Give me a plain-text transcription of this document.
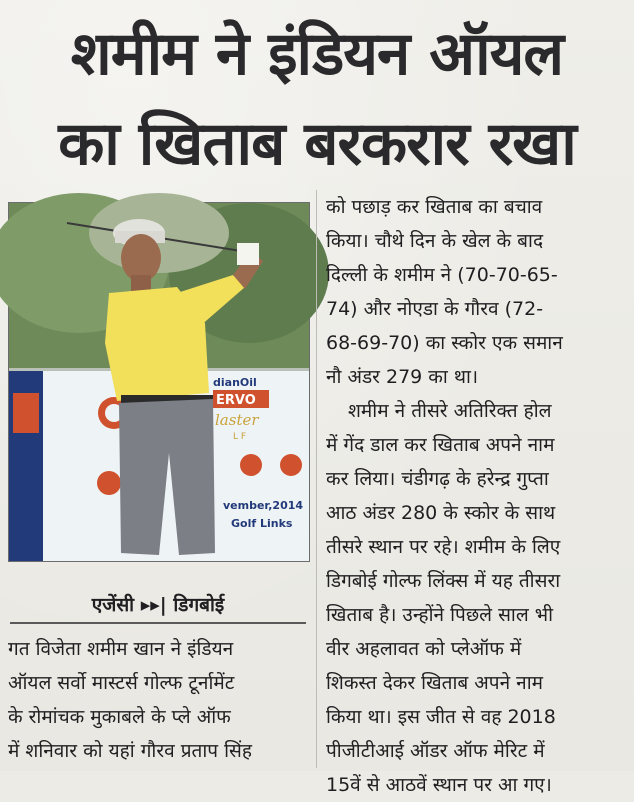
शमीम ने इंडियन ऑयल
का खिताब बरकरार रखा
dianOil
ERVO
laster
L F
vember,2014
Golf Links
एजेंसी ▸▸| डिगबोई
गत विजेता शमीम खान ने इंडियन
ऑयल सर्वो मास्टर्स गोल्फ टूर्नामेंट
के रोमांचक मुकाबले के प्ले ऑफ
में शनिवार को यहां गौरव प्रताप सिंह
को पछाड़ कर खिताब का बचाव
किया। चौथे दिन के खेल के बाद
दिल्ली के शमीम ने (70-70-65-
74) और नोएडा के गौरव (72-
68-69-70) का स्कोर एक समान
नौ अंडर 279 का था।
शमीम ने तीसरे अतिरिक्त होल
में गेंद डाल कर खिताब अपने नाम
कर लिया। चंडीगढ़ के हरेन्द्र गुप्ता
आठ अंडर 280 के स्कोर के साथ
तीसरे स्थान पर रहे। शमीम के लिए
डिगबोई गोल्फ लिंक्स में यह तीसरा
खिताब है। उन्होंने पिछले साल भी
वीर अहलावत को प्लेऑफ में
शिकस्त देकर खिताब अपने नाम
किया था। इस जीत से वह 2018
पीजीटीआई ऑडर ऑफ मेरिट में
15वें से आठवें स्थान पर आ गए।
